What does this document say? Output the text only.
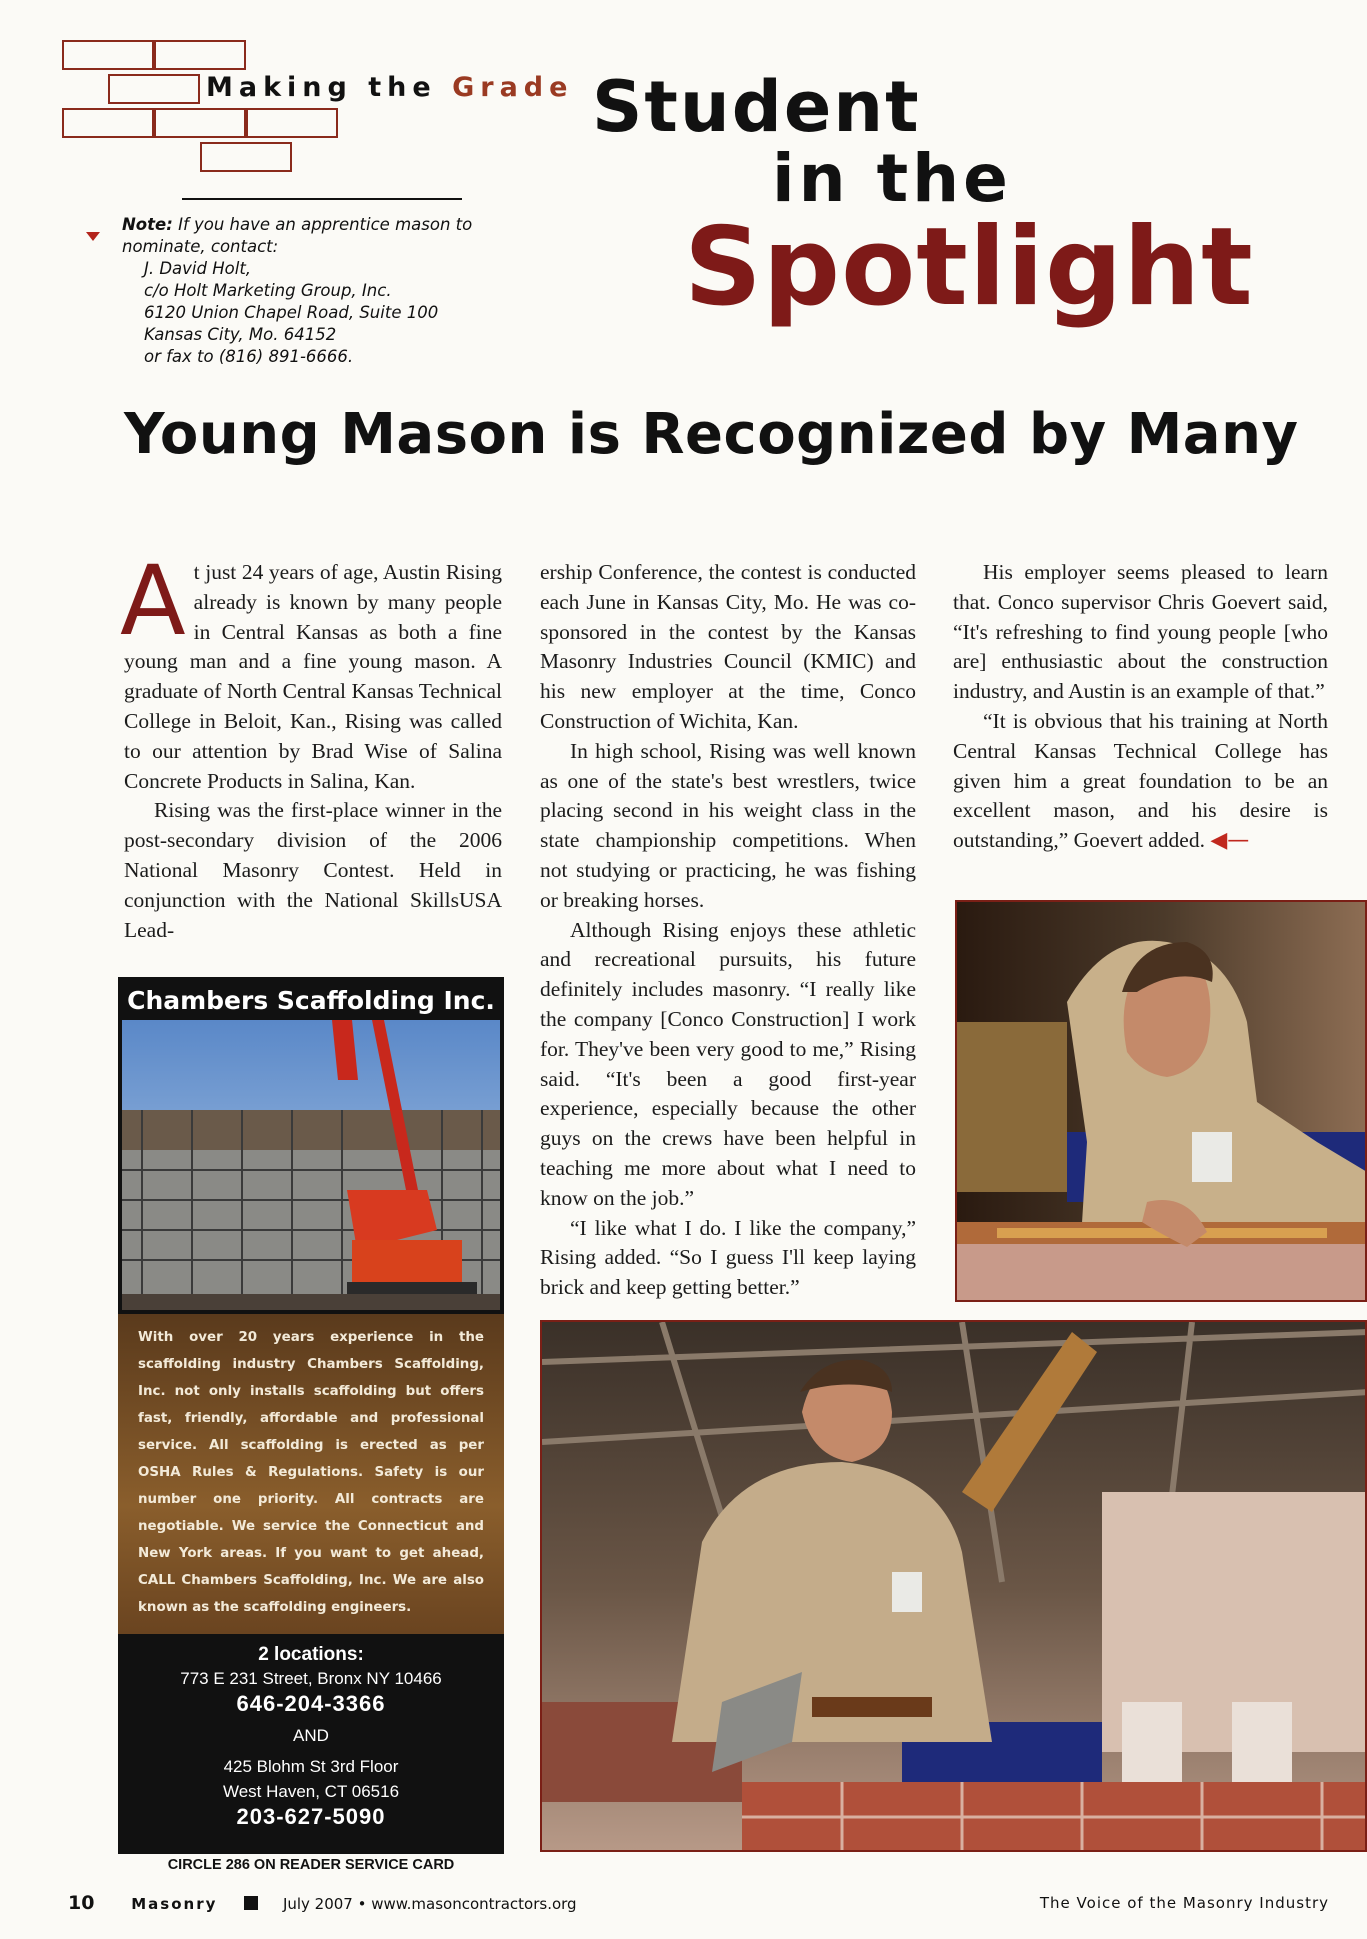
Making the Grade Student
in the
Spotlight
Note: If you have an apprentice mason to nominate, contact:
J. David Holt,
c/o Holt Marketing Group, Inc.
6120 Union Chapel Road, Suite 100
Kansas City, Mo. 64152
or fax to (816) 891-6666.
Young Mason is Recognized by Many

At just 24 years of age, Austin Rising already is known by many people in Central Kansas as both a fine young man and a fine young mason. A graduate of North Central Kansas Technical College in Beloit, Kan., Rising was called to our attention by Brad Wise of Salina Concrete Products in Salina, Kan.

Rising was the first-place winner in the post-secondary division of the 2006 National Masonry Contest. Held in conjunction with the National SkillsUSA Lead-

ership Conference, the contest is conducted each June in Kansas City, Mo. He was co-sponsored in the contest by the Kansas Masonry Industries Council (KMIC) and his new employer at the time, Conco Construction of Wichita, Kan.

In high school, Rising was well known as one of the state's best wrestlers, twice placing second in his weight class in the state championship competitions. When not studying or practicing, he was fishing or breaking horses.

Although Rising enjoys these athletic and recreational pursuits, his future definitely includes masonry. “I really like the company [Conco Construction] I work for. They've been very good to me,” Rising said. “It's been a good first-year experience, especially because the other guys on the crews have been helpful in teaching me more about what I need to know on the job.”

“I like what I do. I like the company,” Rising added. “So I guess I'll keep laying brick and keep getting better.”

His employer seems pleased to learn that. Conco supervisor Chris Goevert said, “It's refreshing to find young people [who are] enthusiastic about the construction industry, and Austin is an example of that.”

“It is obvious that his training at North Central Kansas Technical College has given him a great foundation to be an excellent mason, and his desire is outstanding,” Goevert added. ◀—

Chambers Scaffolding Inc.
With over 20 years experience in the scaffolding industry Chambers Scaffolding, Inc. not only installs scaffolding but offers fast, friendly, affordable and professional service. All scaffolding is erected as per OSHA Rules & Regulations. Safety is our number one priority. All contracts are negotiable. We service the Connecticut and New York areas. If you want to get ahead, CALL Chambers Scaffolding, Inc. We are also known as the scaffolding engineers.
2 locations:
773 E 231 Street, Bronx NY 10466
646-204-3366
AND
425 Blohm St 3rd Floor
West Haven, CT 06516
203-627-5090
CIRCLE 286 ON READER SERVICE CARD
10 Masonry	July 2007 • www.masoncontractors.org	The Voice of the Masonry Industry
